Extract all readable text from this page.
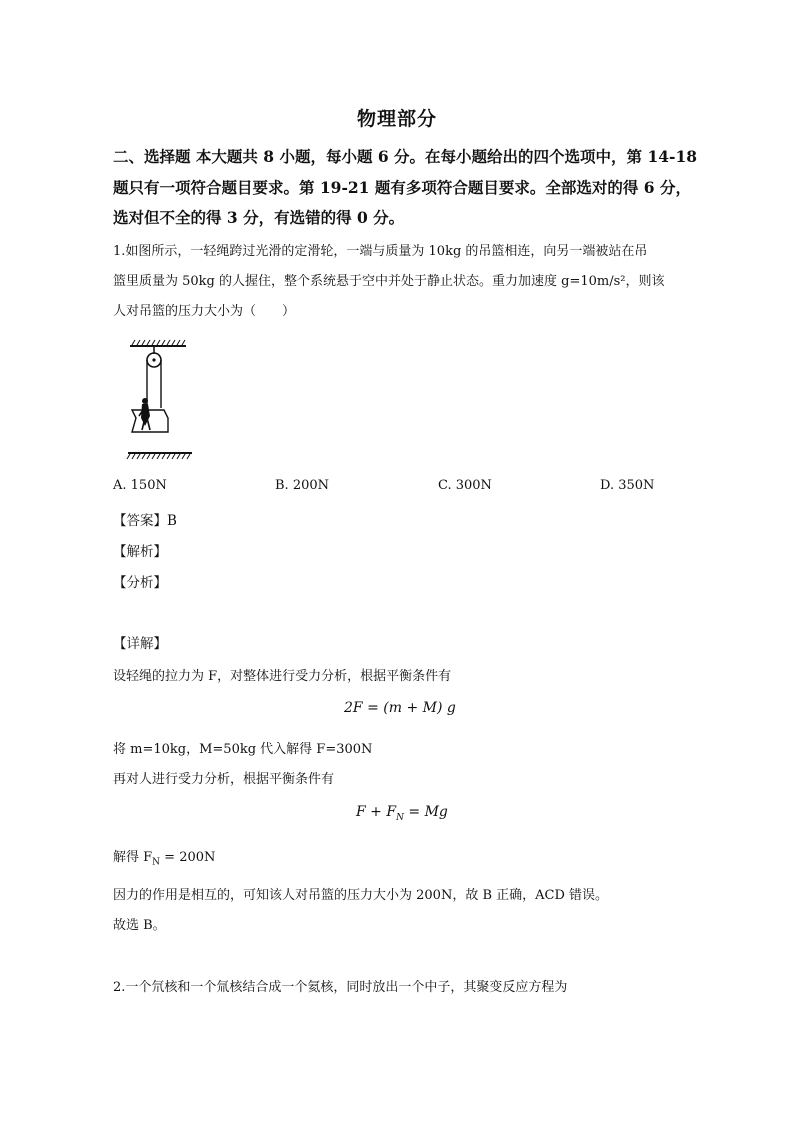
物理部分
二、选择题 本大题共 8 小题，每小题 6 分。在每小题给出的四个选项中，第 14-18
题只有一项符合题目要求。第 19-21 题有多项符合题目要求。全部选对的得 6 分，
选对但不全的得 3 分，有选错的得 0 分。
1.如图所示，一轻绳跨过光滑的定滑轮，一端与质量为 10kg 的吊篮相连，向另一端被站在吊
篮里质量为 50kg 的人握住，整个系统悬于空中并处于静止状态。重力加速度 g=10m/s²，则该
人对吊篮的压力大小为（　　）
A. 150N	B. 200N	C. 300N	D. 350N
【答案】B
【解析】
【分析】
【详解】
设轻绳的拉力为 F，对整体进行受力分析，根据平衡条件有
2F = (m + M) g
将 m=10kg，M=50kg 代入解得 F=300N
再对人进行受力分析，根据平衡条件有
$F + F_N = Mg$
解得 $F_N = 200N$
因力的作用是相互的，可知该人对吊篮的压力大小为 200N，故 B 正确，ACD 错误。
故选 B。
2.一个氘核和一个氚核结合成一个氦核，同时放出一个中子，其聚变反应方程为
